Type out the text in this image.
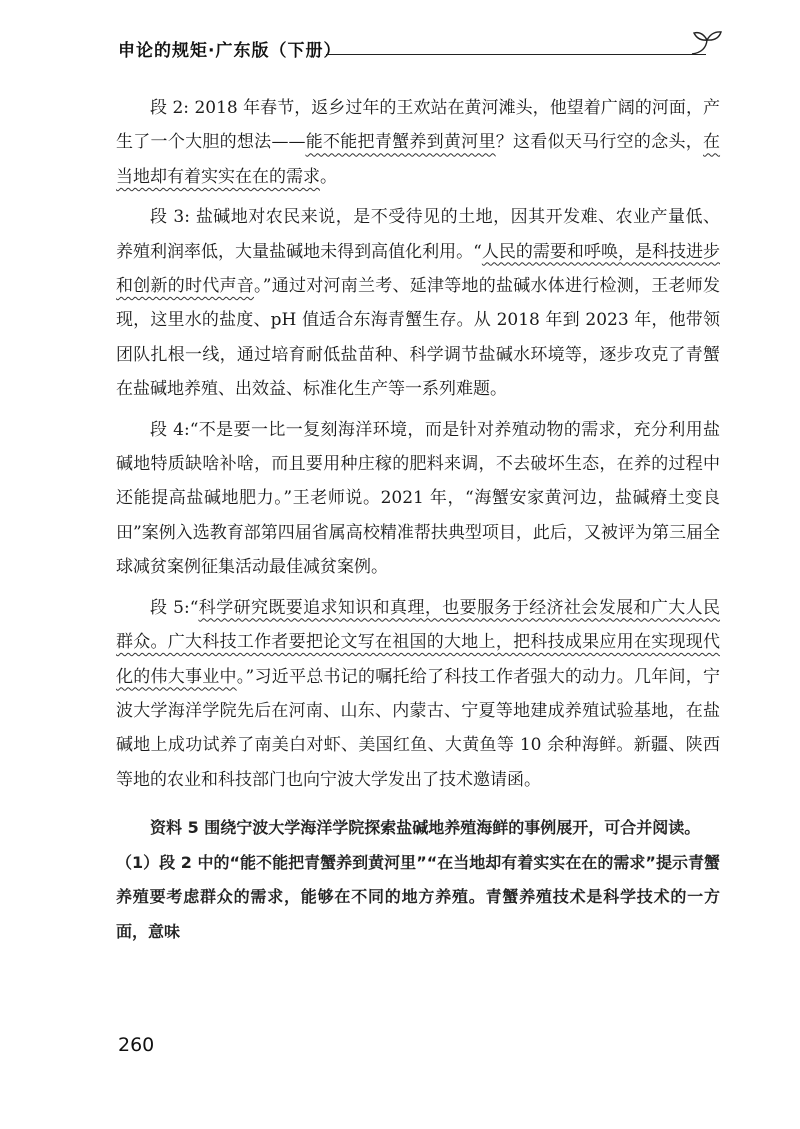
申论的规矩·广东版（下册）

段 2: 2018 年春节，返乡过年的王欢站在黄河滩头，他望着广阔的河面，产生了一个大胆的想法——能不能把青蟹养到黄河里？这看似天马行空的念头，在当地却有着实实在在的需求。

段 3: 盐碱地对农民来说，是不受待见的土地，因其开发难、农业产量低、养殖利润率低，大量盐碱地未得到高值化利用。“人民的需要和呼唤，是科技进步和创新的时代声音。”通过对河南兰考、延津等地的盐碱水体进行检测，王老师发现，这里水的盐度、pH 值适合东海青蟹生存。从 2018 年到 2023 年，他带领团队扎根一线，通过培育耐低盐苗种、科学调节盐碱水环境等，逐步攻克了青蟹在盐碱地养殖、出效益、标准化生产等一系列难题。

段 4:“不是要一比一复刻海洋环境，而是针对养殖动物的需求，充分利用盐碱地特质缺啥补啥，而且要用种庄稼的肥料来调，不去破坏生态，在养的过程中还能提高盐碱地肥力。”王老师说。2021 年，“海蟹安家黄河边，盐碱瘠土变良田”案例入选教育部第四届省属高校精准帮扶典型项目，此后，又被评为第三届全球减贫案例征集活动最佳减贫案例。

段 5:“科学研究既要追求知识和真理，也要服务于经济社会发展和广大人民群众。广大科技工作者要把论文写在祖国的大地上，把科技成果应用在实现现代化的伟大事业中。”习近平总书记的嘱托给了科技工作者强大的动力。几年间，宁波大学海洋学院先后在河南、山东、内蒙古、宁夏等地建成养殖试验基地，在盐碱地上成功试养了南美白对虾、美国红鱼、大黄鱼等 10 余种海鲜。新疆、陕西等地的农业和科技部门也向宁波大学发出了技术邀请函。

资料 5 围绕宁波大学海洋学院探索盐碱地养殖海鲜的事例展开，可合并阅读。

（1）段 2 中的“能不能把青蟹养到黄河里”“在当地却有着实实在在的需求”提示青蟹养殖要考虑群众的需求，能够在不同的地方养殖。青蟹养殖技术是科学技术的一方面，意味

260
